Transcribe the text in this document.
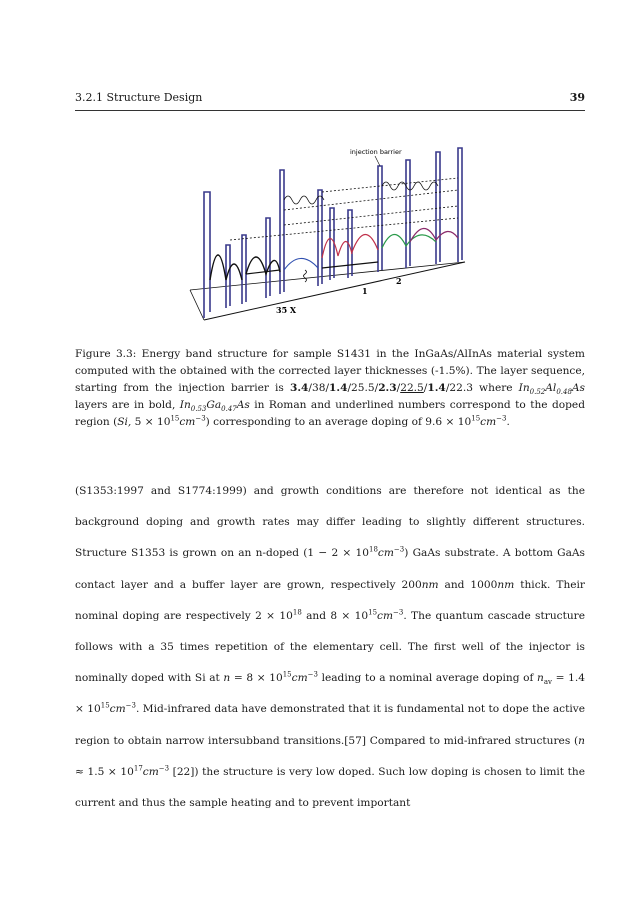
3.2.1 Structure Design	39
injection barrier
1
2
35 X
Figure 3.3: Energy band structure for sample S1431 in the InGaAs/AlInAs material system computed with the obtained with the corrected layer thicknesses (-1.5%). The layer sequence, starting from the injection barrier is 3.4/38/1.4/25.5/2.3/22.5/1.4/22.3 where $In_{0.52}Al_{0.48}As$ layers are in bold, $In_{0.53}Ga_{0.47}As$ in Roman and underlined numbers correspond to the doped region (Si, $5 \times 10^{15}cm^{-3}$) corresponding to an average doping of $9.6 \times 10^{15}cm^{-3}$.

(S1353:1997 and S1774:1999) and growth conditions are therefore not identical as the background doping and growth rates may differ leading to slightly different structures. Structure S1353 is grown on an n-doped $(1 - 2 \times 10^{18}cm^{-3})$ GaAs substrate. A bottom GaAs contact layer and a buffer layer are grown, respectively 200nm and 1000nm thick. Their nominal doping are respectively $2 \times 10^{18}$ and $8 \times 10^{15}cm^{-3}$. The quantum cascade structure follows with a 35 times repetition of the elementary cell. The first well of the injector is nominally doped with Si at $n = 8 \times 10^{15}cm^{-3}$ leading to a nominal average doping of $n_{av} = 1.4 \times 10^{15}cm^{-3}$. Mid-infrared data have demonstrated that it is fundamental not to dope the active region to obtain narrow intersubband transitions.[57] Compared to mid-infrared structures ($n \approx 1.5 \times 10^{17}cm^{-3}$ [22]) the structure is very low doped. Such low doping is chosen to limit the current and thus the sample heating and to prevent important
